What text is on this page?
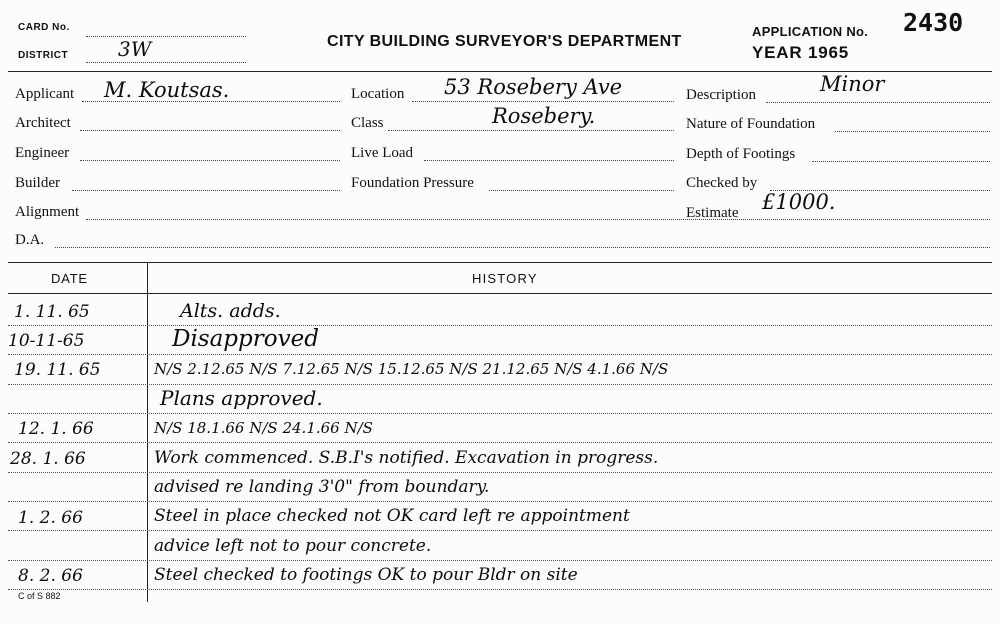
CARD No.
DISTRICT 3W	CITY BUILDING SURVEYOR'S DEPARTMENT
APPLICATION No. 2430
YEAR 1965
Applicant M. Koutsas.
Architect
Engineer
Builder
Alignment
D.A.
Location 53 Rosebery Ave
Class	Rosebery.
Live Load
Foundation Pressure
Description	Minor
Nature of Foundation
Depth of Footings
Checked by
Estimate £1000.
DATE	HISTORY
1. 11. 65	Alts. adds.
10-11-65	Disapproved
19. 11. 65	N/S 2.12.65 N/S 7.12.65 N/S 15.12.65 N/S 21.12.65 N/S 4.1.66 N/S
Plans approved.
12. 1. 66	N/S 18.1.66 N/S 24.1.66 N/S
28. 1. 66	Work commenced. S.B.I's notified. Excavation in progress.
advised re landing 3'0" from boundary.
1. 2. 66	Steel in place checked not OK card left re appointment
advice left not to pour concrete.
8. 2. 66	Steel checked to footings OK to pour Bldr on site
C of S 882
